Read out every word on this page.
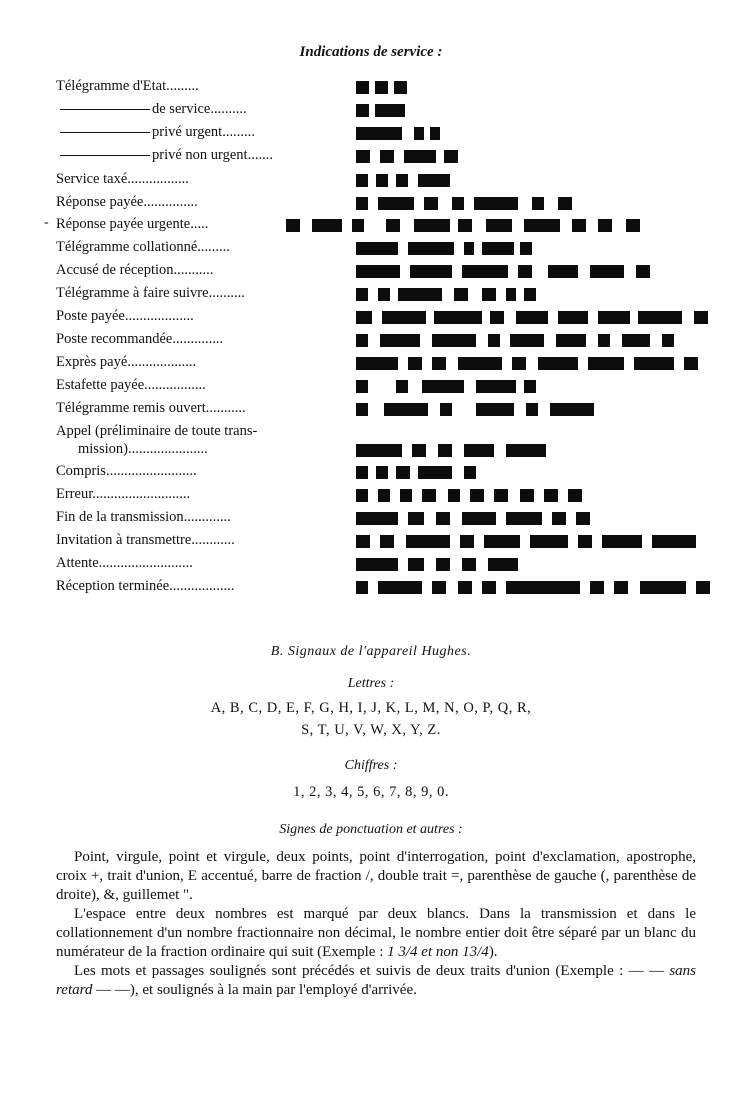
Indications de service :
Télégramme d'Etat.........
de service..........
privé urgent.........
privé non urgent.......
Service taxé.................
Réponse payée...............
Réponse payée urgente.....
Télégramme collationné.........
Accusé de réception...........
Télégramme à faire suivre..........
Poste payée...................
Poste recommandée..............
Exprès payé...................
Estafette payée.................
Télégramme remis ouvert...........
Appel (préliminaire de toute trans-
mission)......................
Compris.........................
Erreur...........................
Fin de la transmission.............
Invitation à transmettre............
Attente..........................
Réception terminée..................
-
B. Signaux de l'appareil Hughes.
Lettres :
A, B, C, D, E, F, G, H, I, J, K, L, M, N, O, P, Q, R,
S, T, U, V, W, X, Y, Z.
Chiffres :
1, 2, 3, 4, 5, 6, 7, 8, 9, 0.
Signes de ponctuation et autres :

Point, virgule, point et virgule, deux points, point d'interrogation, point d'exclamation, apostrophe, croix +, trait d'union, E accentué, barre de fraction /, double trait =, parenthèse de gauche (, parenthèse de droite), &, guillemet ".

L'espace entre deux nombres est marqué par deux blancs. Dans la transmission et dans le collationnement d'un nombre fractionnaire non décimal, le nombre entier doit être séparé par un blanc du numérateur de la fraction ordinaire qui suit (Exemple : 1 3/4 et non 13/4).

Les mots et passages soulignés sont précédés et suivis de deux traits d'union (Exemple : — — sans retard — —), et soulignés à la main par l'employé d'arrivée.
